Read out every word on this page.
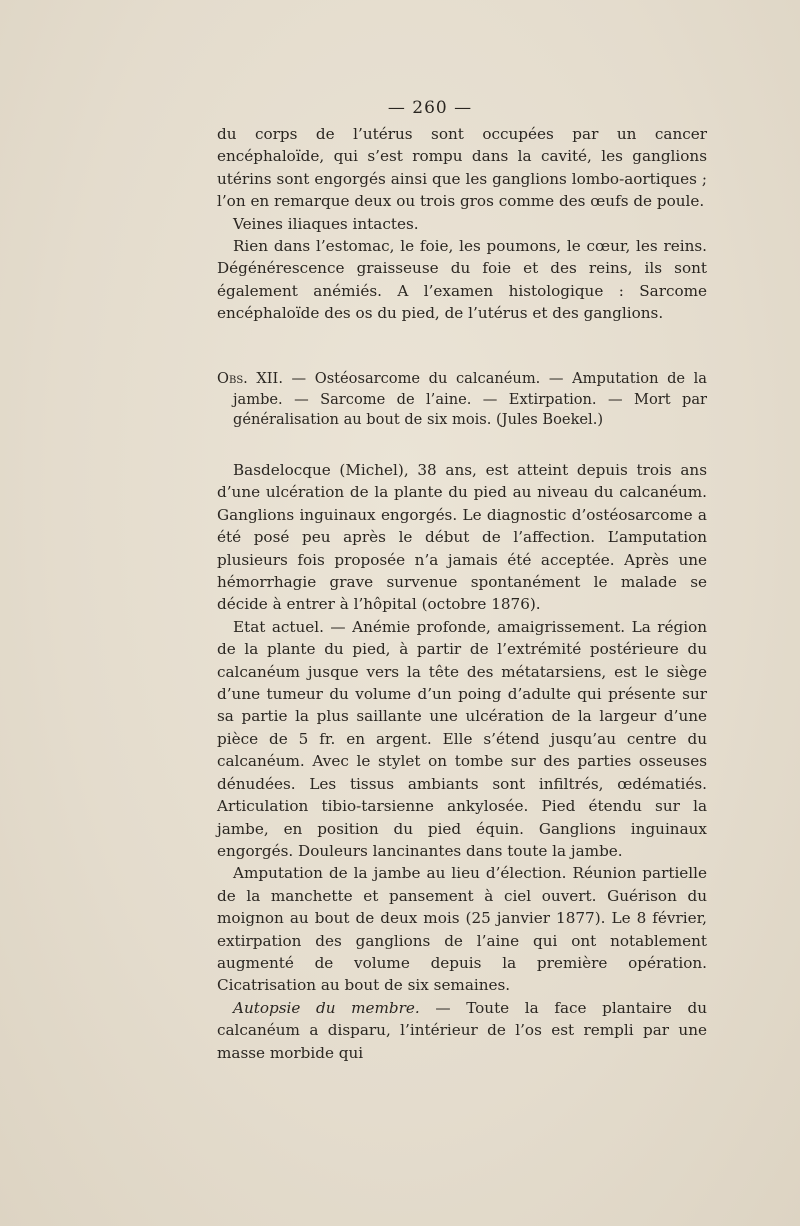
— 260 —

du corps de l’utérus sont occupées par un cancer encéphaloïde, qui s’est rompu dans la cavité, les ganglions utérins sont engorgés ainsi que les ganglions lombo-aortiques ; l’on en remarque deux ou trois gros comme des œufs de poule.

Veines iliaques intactes.

Rien dans l’estomac, le foie, les poumons, le cœur, les reins. Dégénérescence graisseuse du foie et des reins, ils sont également anémiés. A l’examen histologique : Sarcome encéphaloïde des os du pied, de l’utérus et des ganglions.

Obs. XII. — Ostéosarcome du calcanéum. — Amputation de la jambe. — Sarcome de l’aine. — Extirpation. — Mort par généralisation au bout de six mois. (Jules Boekel.)

Basdelocque (Michel), 38 ans, est atteint depuis trois ans d’une ulcération de la plante du pied au niveau du calcanéum. Ganglions inguinaux engorgés. Le diagnostic d’ostéosarcome a été posé peu après le début de l’affection. L’amputation plusieurs fois proposée n’a jamais été acceptée. Après une hémorrhagie grave survenue spontanément le malade se décide à entrer à l’hôpital (octobre 1876).

Etat actuel. — Anémie profonde, amaigrissement. La région de la plante du pied, à partir de l’extrémité postérieure du calcanéum jusque vers la tête des métatarsiens, est le siège d’une tumeur du volume d’un poing d’adulte qui présente sur sa partie la plus saillante une ulcération de la largeur d’une pièce de 5 fr. en argent. Elle s’étend jusqu’au centre du calcanéum. Avec le stylet on tombe sur des parties osseuses dénudées. Les tissus ambiants sont infiltrés, œdématiés. Articulation tibio-tarsienne ankylosée. Pied étendu sur la jambe, en position du pied équin. Ganglions inguinaux engorgés. Douleurs lancinantes dans toute la jambe.

Amputation de la jambe au lieu d’élection. Réunion partielle de la manchette et pansement à ciel ouvert. Guérison du moignon au bout de deux mois (25 janvier 1877). Le 8 février, extirpation des ganglions de l’aine qui ont notablement augmenté de volume depuis la première opération. Cicatrisation au bout de six semaines.

Autopsie du membre. — Toute la face plantaire du calcanéum a disparu, l’intérieur de l’os est rempli par une masse morbide qui
